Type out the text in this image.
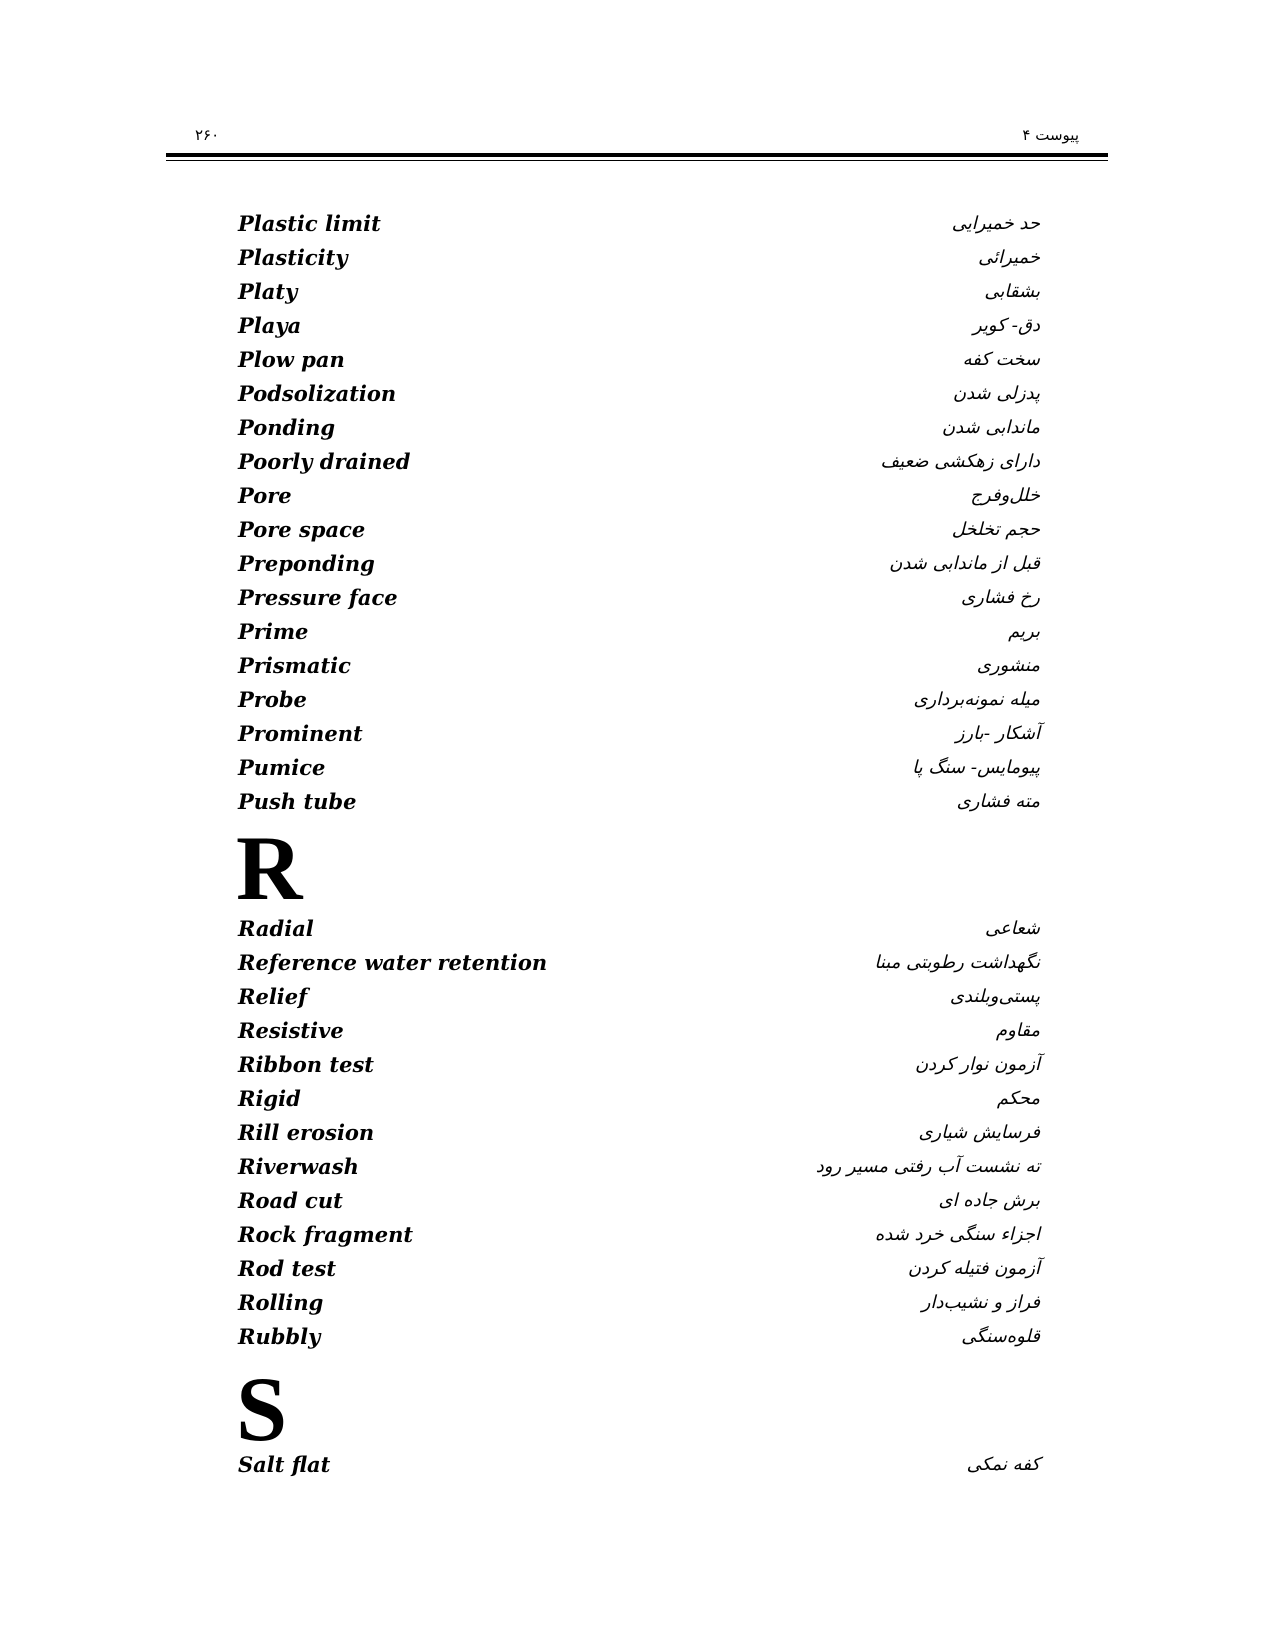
۲۶۰	پیوست ۴
Plastic limit	حد خمیرایی
Plasticity	خمیرائی
Platy	بشقابی
Playa	دق- کویر
Plow pan	سخت کفه
Podsolization	پدزلی شدن
Ponding	ماندابی شدن
Poorly drained	دارای زهکشی ضعیف
Pore	خلل‌وفرج
Pore space	حجم تخلخل
Preponding	قبل از ماندابی شدن
Pressure face	رخ فشاری
Prime	بریم
Prismatic	منشوری
Probe	میله نمونه‌برداری
Prominent	آشکار -بارز
Pumice	پیومایس- سنگ پا
Push tube	مته فشاری
R
Radial	شعاعی
Reference water retention	نگهداشت رطوبتی مبنا
Relief	پستی‌وبلندی
Resistive	مقاوم
Ribbon test	آزمون نوار کردن
Rigid	محکم
Rill erosion	فرسایش شیاری
Riverwash	ته نشست آب رفتی مسیر رود
Road cut	برش جاده ای
Rock fragment	اجزاء سنگی خرد شده
Rod test	آزمون فتیله کردن
Rolling	فراز و نشیب‌دار
Rubbly	قلوه‌سنگی
S
Salt flat	کفه نمکی
